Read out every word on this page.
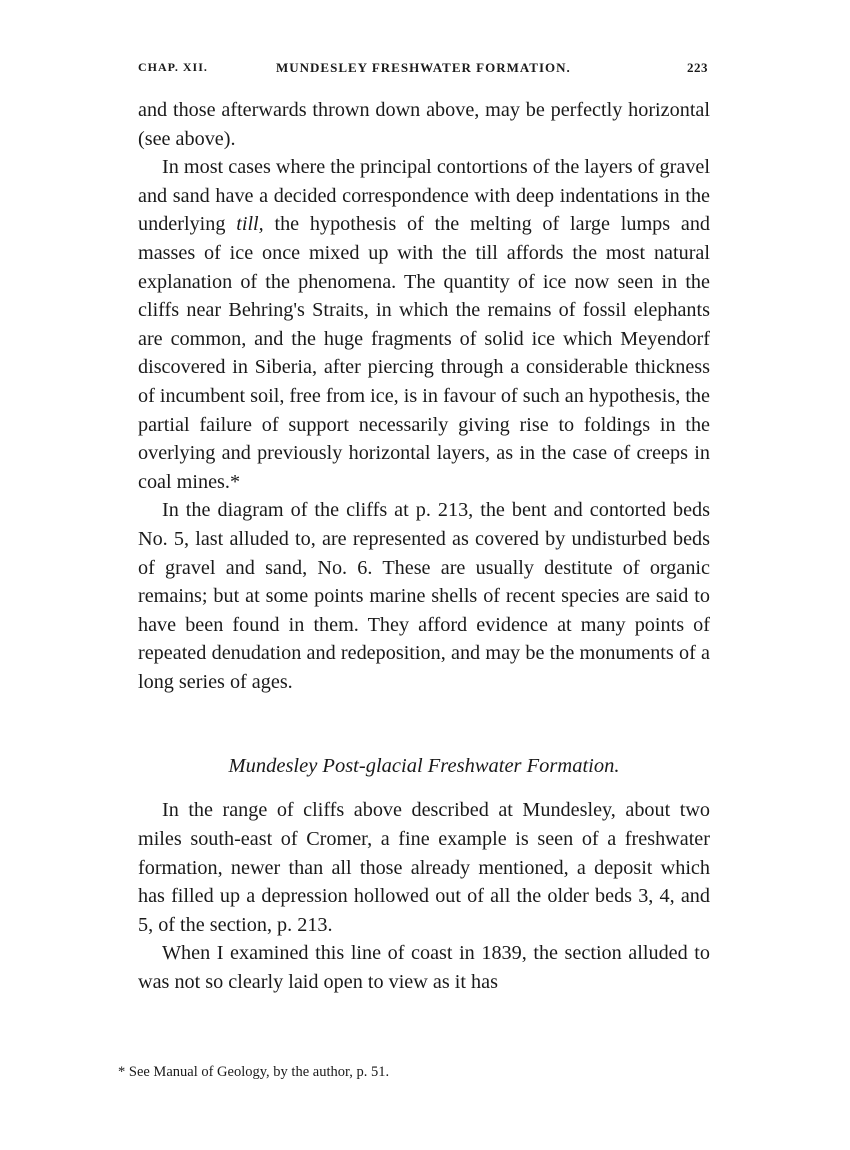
CHAP. XII.	MUNDESLEY FRESHWATER FORMATION.	223

and those afterwards thrown down above, may be perfectly horizontal (see above).

In most cases where the principal contortions of the layers of gravel and sand have a decided correspondence with deep indentations in the underlying till, the hypothesis of the melting of large lumps and masses of ice once mixed up with the till affords the most natural explanation of the phenomena. The quantity of ice now seen in the cliffs near Behring's Straits, in which the remains of fossil elephants are common, and the huge fragments of solid ice which Meyendorf discovered in Siberia, after piercing through a considerable thickness of incumbent soil, free from ice, is in favour of such an hypothesis, the partial failure of support necessarily giving rise to foldings in the overlying and previously horizontal layers, as in the case of creeps in coal mines.*

In the diagram of the cliffs at p. 213, the bent and contorted beds No. 5, last alluded to, are represented as covered by undisturbed beds of gravel and sand, No. 6. These are usually destitute of organic remains; but at some points marine shells of recent species are said to have been found in them. They afford evidence at many points of repeated denudation and redeposition, and may be the monuments of a long series of ages.

Mundesley Post-glacial Freshwater Formation.

In the range of cliffs above described at Mundesley, about two miles south-east of Cromer, a fine example is seen of a freshwater formation, newer than all those already mentioned, a deposit which has filled up a depression hollowed out of all the older beds 3, 4, and 5, of the section, p. 213.

When I examined this line of coast in 1839, the section alluded to was not so clearly laid open to view as it has

* See Manual of Geology, by the author, p. 51.
